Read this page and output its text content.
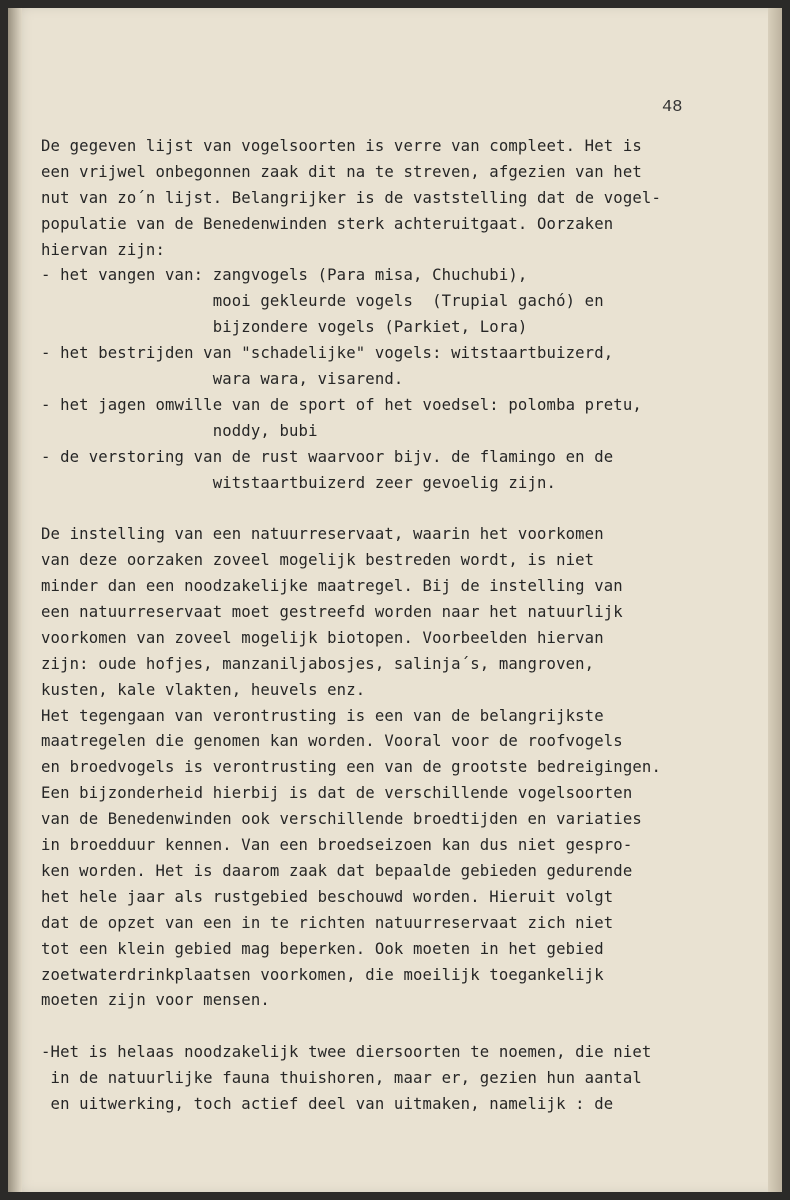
48
De gegeven lijst van vogelsoorten is verre van compleet. Het is
een vrijwel onbegonnen zaak dit na te streven, afgezien van het
nut van zo´n lijst. Belangrijker is de vaststelling dat de vogel-
populatie van de Benedenwinden sterk achteruitgaat. Oorzaken
hiervan zijn:
- het vangen van: zangvogels (Para misa, Chuchubi),
mooi gekleurde vogels  (Trupial gachó) en
bijzondere vogels (Parkiet, Lora)
- het bestrijden van "schadelijke" vogels: witstaartbuizerd,
wara wara, visarend.
- het jagen omwille van de sport of het voedsel: polomba pretu,
noddy, bubi
- de verstoring van de rust waarvoor bijv. de flamingo en de
witstaartbuizerd zeer gevoelig zijn.
De instelling van een natuurreservaat, waarin het voorkomen
van deze oorzaken zoveel mogelijk bestreden wordt, is niet
minder dan een noodzakelijke maatregel. Bij de instelling van
een natuurreservaat moet gestreefd worden naar het natuurlijk
voorkomen van zoveel mogelijk biotopen. Voorbeelden hiervan
zijn: oude hofjes, manzaniljabosjes, salinja´s, mangroven,
kusten, kale vlakten, heuvels enz.
Het tegengaan van verontrusting is een van de belangrijkste
maatregelen die genomen kan worden. Vooral voor de roofvogels
en broedvogels is verontrusting een van de grootste bedreigingen.
Een bijzonderheid hierbij is dat de verschillende vogelsoorten
van de Benedenwinden ook verschillende broedtijden en variaties
in broedduur kennen. Van een broedseizoen kan dus niet gespro-
ken worden. Het is daarom zaak dat bepaalde gebieden gedurende
het hele jaar als rustgebied beschouwd worden. Hieruit volgt
dat de opzet van een in te richten natuurreservaat zich niet
tot een klein gebied mag beperken. Ook moeten in het gebied
zoetwaterdrinkplaatsen voorkomen, die moeilijk toegankelijk
moeten zijn voor mensen.
-Het is helaas noodzakelijk twee diersoorten te noemen, die niet
in de natuurlijke fauna thuishoren, maar er, gezien hun aantal
en uitwerking, toch actief deel van uitmaken, namelijk : de
